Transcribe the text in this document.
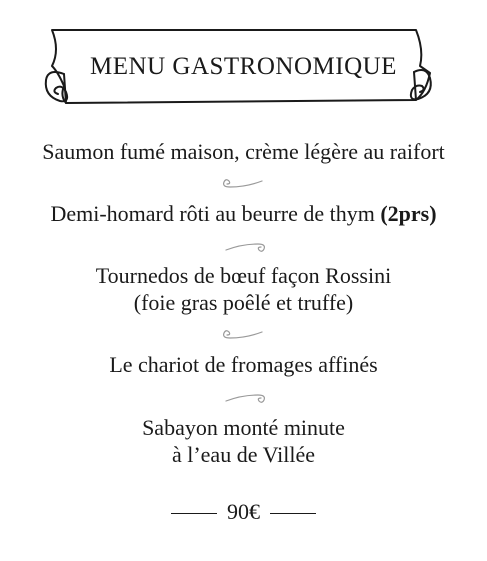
MENU GASTRONOMIQUE
Saumon fumé maison, crème légère au raifort
Demi-homard rôti au beurre de thym (2prs)
Tournedos de bœuf façon Rossini
(foie gras poêlé et truffe)
Le chariot de fromages affinés
Sabayon monté minute
à l’eau de Villée
90€
